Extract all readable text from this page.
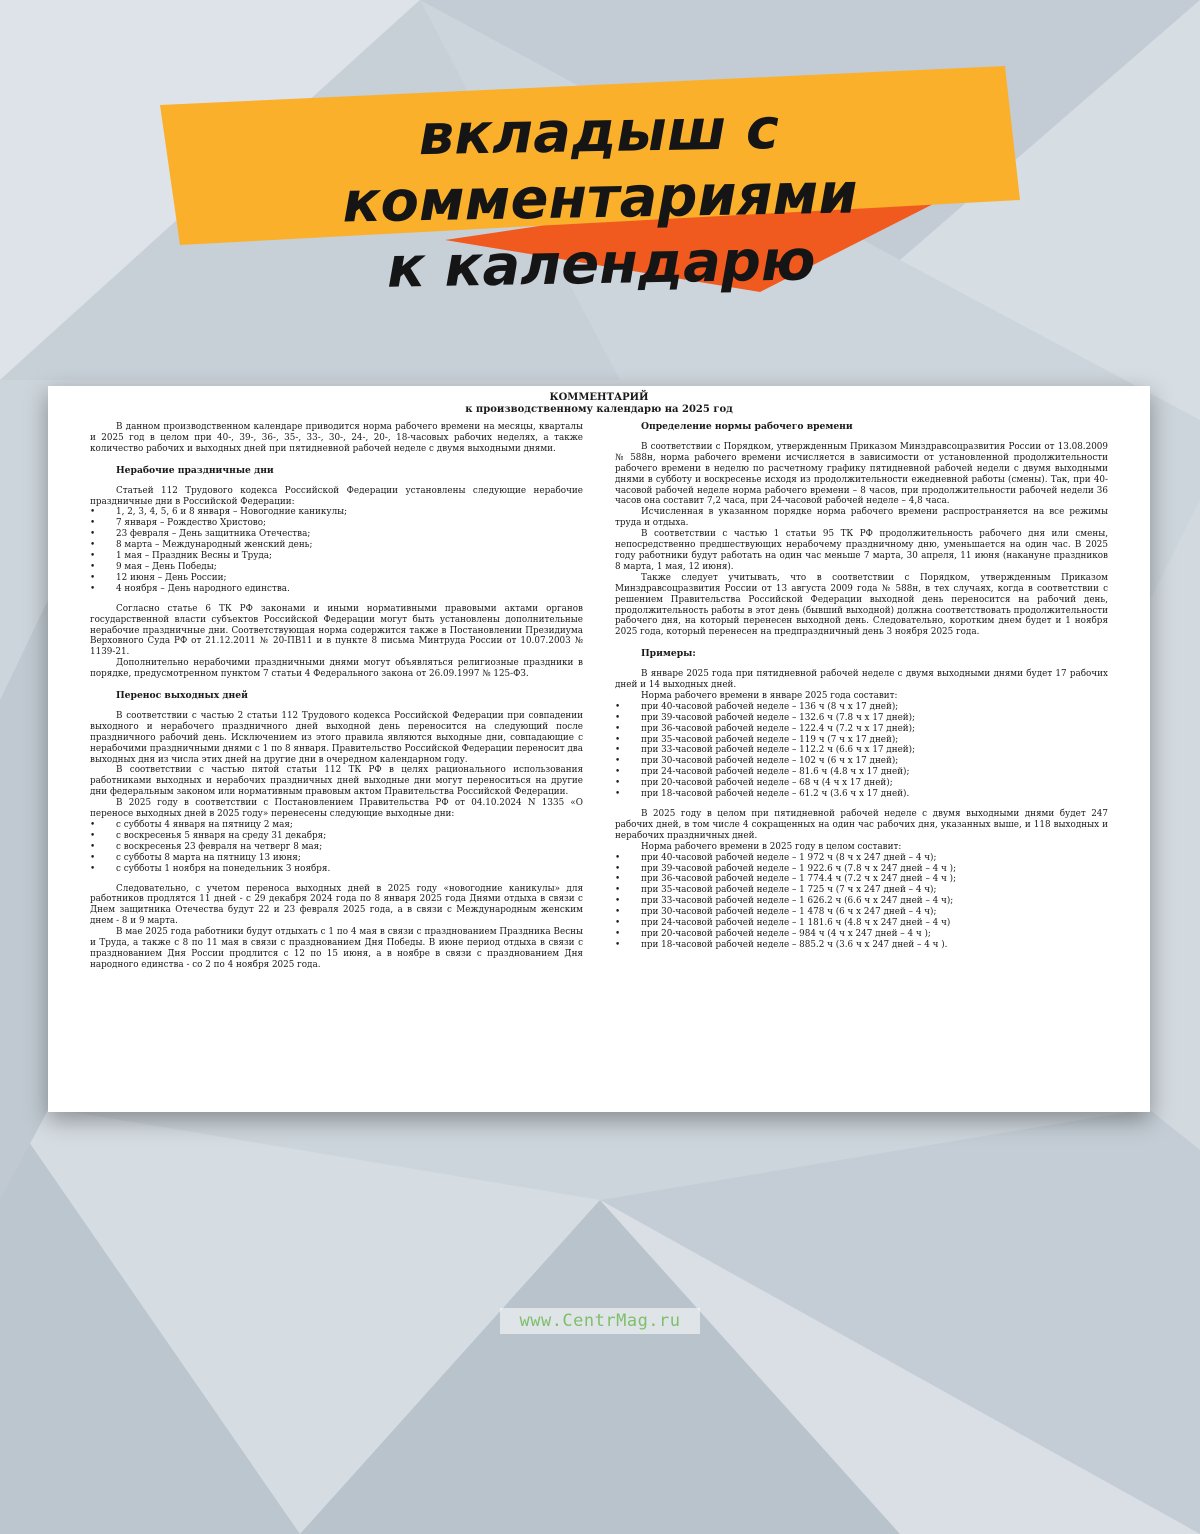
вкладыш с комментариями
к календарю
КОММЕНТАРИЙ
к производственному календарю на 2025 год

В данном производственном календаре приводится норма рабочего времени на месяцы, кварталы и 2025 год в целом при 40-, 39-, 36-, 35-, 33-, 30-, 24-, 20-, 18-часовых рабочих неделях, а также количество рабочих и выходных дней при пятидневной рабочей неделе с двумя выходными днями.

Нерабочие праздничные дни

Статьей 112 Трудового кодекса Российской Федерации установлены следующие нерабочие праздничные дни в Российской Федерации:

• 1, 2, 3, 4, 5, 6 и 8 января – Новогодние каникулы;
• 7 января – Рождество Христово;
• 23 февраля – День защитника Отечества;
• 8 марта – Международный женский день;
• 1 мая – Праздник Весны и Труда;
• 9 мая – День Победы;
• 12 июня – День России;
• 4 ноября – День народного единства.

Согласно статье 6 ТК РФ законами и иными нормативными правовыми актами органов государственной власти субъектов Российской Федерации могут быть установлены дополнительные нерабочие праздничные дни. Соответствующая норма содержится также в Постановлении Президиума Верховного Суда РФ от 21.12.2011 № 20-ПВ11 и в пункте 8 письма Минтруда России от 10.07.2003 № 1139-21.

Дополнительно нерабочими праздничными днями могут объявляться религиозные праздники в порядке, предусмотренном пунктом 7 статьи 4 Федерального закона от 26.09.1997 № 125-ФЗ.

Перенос выходных дней

В соответствии с частью 2 статьи 112 Трудового кодекса Российской Федерации при совпадении выходного и нерабочего праздничного дней выходной день переносится на следующий после праздничного рабочий день. Исключением из этого правила являются выходные дни, совпадающие с нерабочими праздничными днями с 1 по 8 января. Правительство Российской Федерации переносит два выходных дня из числа этих дней на другие дни в очередном календарном году.

В соответствии с частью пятой статьи 112 ТК РФ в целях рационального использования работниками выходных и нерабочих праздничных дней выходные дни могут переноситься на другие дни федеральным законом или нормативным правовым актом Правительства Российской Федерации.

В 2025 году в соответствии с Постановлением Правительства РФ от 04.10.2024 N 1335 «О переносе выходных дней в 2025 году» перенесены следующие выходные дни:

• с субботы 4 января на пятницу 2 мая;
• с воскресенья 5 января на среду 31 декабря;
• с воскресенья 23 февраля на четверг 8 мая;
• с субботы 8 марта на пятницу 13 июня;
• с субботы 1 ноября на понедельник 3 ноября.

Следовательно, с учетом переноса выходных дней в 2025 году «новогодние каникулы» для работников продлятся 11 дней - с 29 декабря 2024 года по 8 января 2025 года Днями отдыха в связи с Днем защитника Отечества будут 22 и 23 февраля 2025 года, а в связи с Международным женским днем - 8 и 9 марта.

В мае 2025 года работники будут отдыхать с 1 по 4 мая в связи с празднованием Праздника Весны и Труда, а также с 8 по 11 мая в связи с празднованием Дня Победы. В июне период отдыха в связи с празднованием Дня России продлится с 12 по 15 июня, а в ноябре в связи с празднованием Дня народного единства - со 2 по 4 ноября 2025 года.

Определение нормы рабочего времени

В соответствии с Порядком, утвержденным Приказом Минздравсоцразвития России от 13.08.2009 № 588н, норма рабочего времени исчисляется в зависимости от установленной продолжительности рабочего времени в неделю по расчетному графику пятидневной рабочей недели с двумя выходными днями в субботу и воскресенье исходя из продолжительности ежедневной работы (смены). Так, при 40-часовой рабочей неделе норма рабочего времени – 8 часов, при продолжительности рабочей недели 36 часов она составит 7,2 часа, при 24-часовой рабочей неделе – 4,8 часа.

Исчисленная в указанном порядке норма рабочего времени распространяется на все режимы труда и отдыха.

В соответствии с частью 1 статьи 95 ТК РФ продолжительность рабочего дня или смены, непосредственно предшествующих нерабочему праздничному дню, уменьшается на один час. В 2025 году работники будут работать на один час меньше 7 марта, 30 апреля, 11 июня (накануне праздников 8 марта, 1 мая, 12 июня).

Также следует учитывать, что в соответствии с Порядком, утвержденным Приказом Минздравсоцразвития России от 13 августа 2009 года № 588н, в тех случаях, когда в соответствии с решением Правительства Российской Федерации выходной день переносится на рабочий день, продолжительность работы в этот день (бывший выходной) должна соответствовать продолжительности рабочего дня, на который перенесен выходной день. Следовательно, коротким днем будет и 1 ноября 2025 года, который перенесен на предпраздничный день 3 ноября 2025 года.

Примеры:

В январе 2025 года при пятидневной рабочей неделе с двумя выходными днями будет 17 рабочих дней и 14 выходных дней.

Норма рабочего времени в январе 2025 года составит:

• при 40-часовой рабочей неделе – 136 ч (8 ч х 17 дней);
• при 39-часовой рабочей неделе – 132.6 ч (7.8 ч х 17 дней);
• при 36-часовой рабочей неделе – 122.4 ч (7.2 ч х 17 дней);
• при 35-часовой рабочей неделе – 119 ч (7 ч х 17 дней);
• при 33-часовой рабочей неделе – 112.2 ч (6.6 ч х 17 дней);
• при 30-часовой рабочей неделе – 102 ч (6 ч х 17 дней);
• при 24-часовой рабочей неделе – 81.6 ч (4.8 ч х 17 дней);
• при 20-часовой рабочей неделе – 68 ч (4 ч х 17 дней);
• при 18-часовой рабочей неделе – 61.2 ч (3.6 ч х 17 дней).

В 2025 году в целом при пятидневной рабочей неделе с двумя выходными днями будет 247 рабочих дней, в том числе 4 сокращенных на один час рабочих дня, указанных выше, и 118 выходных и нерабочих праздничных дней.

Норма рабочего времени в 2025 году в целом составит:

• при 40-часовой рабочей неделе – 1 972 ч (8 ч х 247 дней – 4 ч);
• при 39-часовой рабочей неделе – 1 922.6 ч (7.8 ч х 247 дней – 4 ч );
• при 36-часовой рабочей неделе – 1 774.4 ч (7.2 ч х 247 дней – 4 ч );
• при 35-часовой рабочей неделе – 1 725 ч (7 ч х 247 дней – 4 ч);
• при 33-часовой рабочей неделе – 1 626.2 ч (6.6 ч х 247 дней – 4 ч);
• при 30-часовой рабочей неделе – 1 478 ч (6 ч х 247 дней – 4 ч);
• при 24-часовой рабочей неделе – 1 181.6 ч (4.8 ч х 247 дней – 4 ч)
• при 20-часовой рабочей неделе – 984 ч (4 ч х 247 дней – 4 ч );
• при 18-часовой рабочей неделе – 885.2 ч (3.6 ч х 247 дней – 4 ч ).
www.CentrMag.ru
